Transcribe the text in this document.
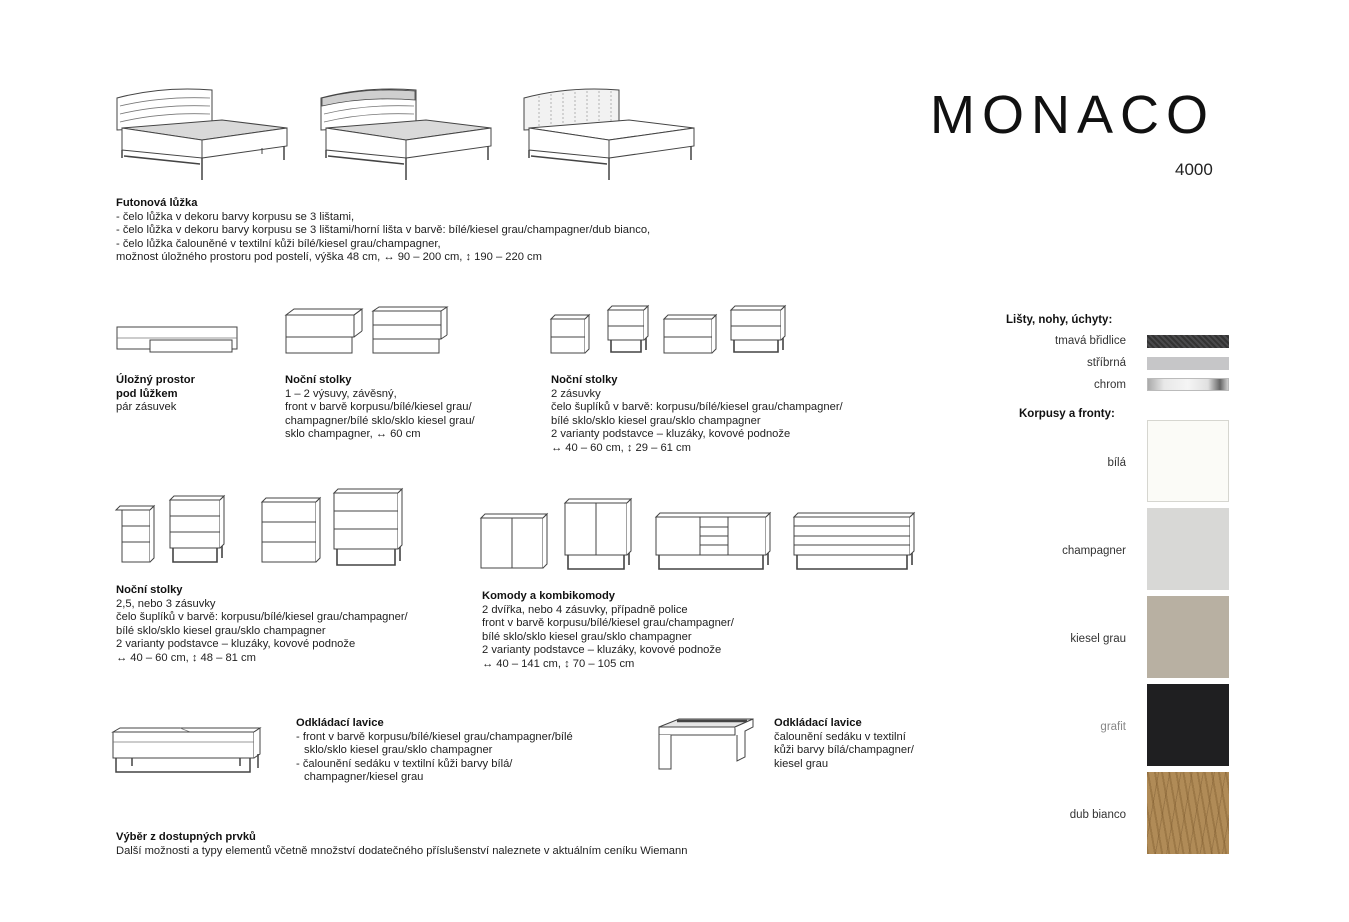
MONACO
4000
Futonová lůžka
- čelo lůžka v dekoru barvy korpusu se 3 lištami,
- čelo lůžka v dekoru barvy korpusu se 3 lištami/horní lišta v barvě: bílé/kiesel grau/champagner/dub bianco,
- čelo lůžka čalouněné v textilní kůži bílé/kiesel grau/champagner,
možnost úložného prostoru pod postelí, výška 48 cm, ↔ 90 – 200 cm, ↕ 190 – 220 cm
Úložný prostor
pod lůžkem
pár zásuvek
Noční stolky
1 – 2 výsuvy, závěsný,
front v barvě korpusu/bílé/kiesel grau/
champagner/bílé sklo/sklo kiesel grau/
sklo champagner, ↔ 60 cm
Noční stolky
2 zásuvky
čelo šuplíků v barvě: korpusu/bílé/kiesel grau/champagner/
bílé sklo/sklo kiesel grau/sklo champagner
2 varianty podstavce – kluzáky, kovové podnože
↔ 40 – 60 cm, ↕ 29 – 61 cm
Noční stolky
2,5, nebo 3 zásuvky
čelo šuplíků v barvě: korpusu/bílé/kiesel grau/champagner/
bílé sklo/sklo kiesel grau/sklo champagner
2 varianty podstavce – kluzáky, kovové podnože
↔ 40 – 60 cm, ↕ 48 – 81 cm
Komody a kombikomody
2 dvířka, nebo 4 zásuvky, případně police
front v barvě korpusu/bílé/kiesel grau/champagner/
bílé sklo/sklo kiesel grau/sklo champagner
2 varianty podstavce – kluzáky, kovové podnože
↔ 40 – 141 cm, ↕ 70 – 105 cm
Odkládací lavice
- front v barvě korpusu/bílé/kiesel grau/champagner/bílé
sklo/sklo kiesel grau/sklo champagner
- čalounění sedáku v textilní kůži barvy bílá/
champagner/kiesel grau
Odkládací lavice
čalounění sedáku v textilní
kůži barvy bílá/champagner/
kiesel grau
Výběr z dostupných prvků
Další možnosti a typy elementů včetně množství dodatečného příslušenství naleznete v aktuálním ceníku Wiemann
Lišty, nohy, úchyty:
tmavá břidlice
stříbrná
chrom
Korpusy a fronty:
bílá
champagner
kiesel grau
grafit
dub bianco
